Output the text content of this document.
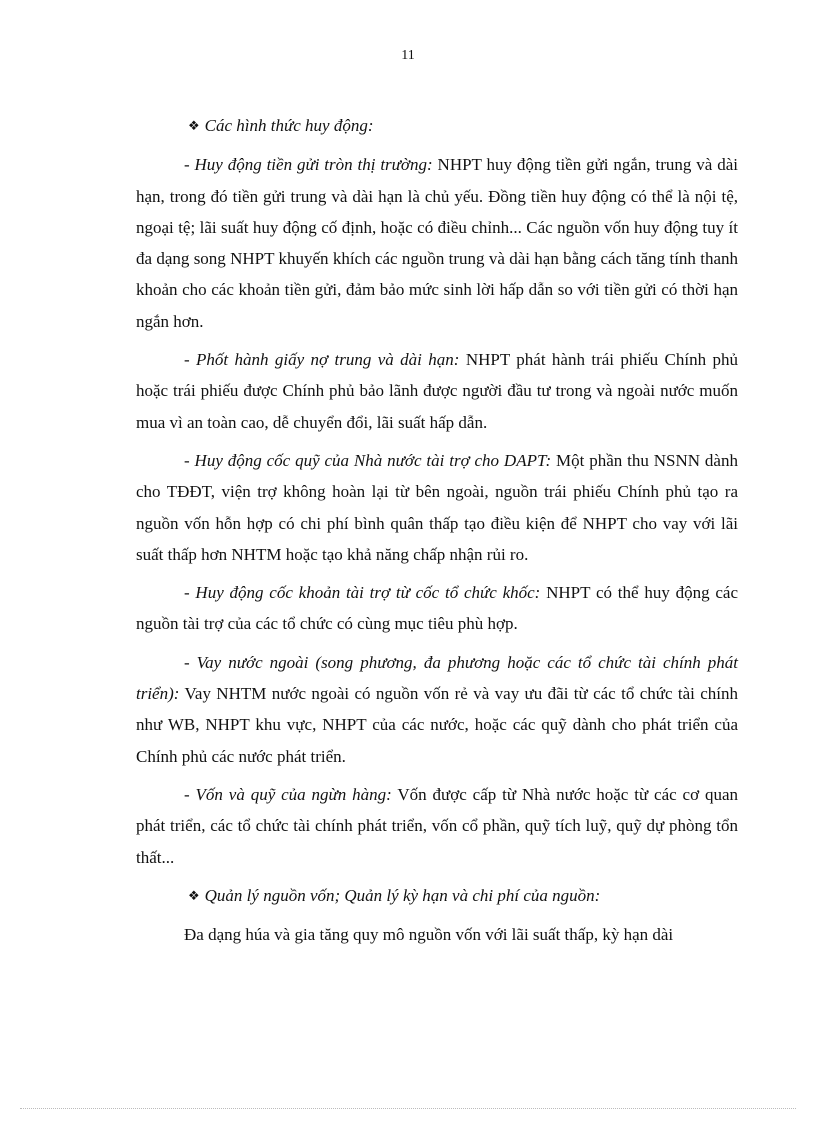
11

❖ Các hình thức huy động:

- Huy động tiền gửi tròn thị trường: NHPT huy động tiền gửi ngắn, trung và dài hạn, trong đó tiền gửi trung và dài hạn là chủ yếu. Đồng tiền huy động có thể là nội tệ, ngoại tệ; lãi suất huy động cố định, hoặc có điều chỉnh... Các nguồn vốn huy động tuy ít đa dạng song NHPT khuyến khích các nguồn trung và dài hạn bằng cách tăng tính thanh khoản cho các khoản tiền gửi, đảm bảo mức sinh lời hấp dẫn so với tiền gửi có thời hạn ngắn hơn.

- Phốt hành giấy nợ trung và dài hạn: NHPT phát hành trái phiếu Chính phủ hoặc trái phiếu được Chính phủ bảo lãnh được người đầu tư trong và ngoài nước muốn mua vì an toàn cao, dễ chuyển đổi, lãi suất hấp dẫn.

- Huy động cốc quỹ của Nhà nước tài trợ cho DAPT: Một phần thu NSNN dành cho TĐĐT, viện trợ không hoàn lại từ bên ngoài, nguồn trái phiếu Chính phủ tạo ra nguồn vốn hỗn hợp có chi phí bình quân thấp tạo điều kiện để NHPT cho vay với lãi suất thấp hơn NHTM hoặc tạo khả năng chấp nhận rủi ro.

- Huy động cốc khoản tài trợ từ cốc tổ chức khốc: NHPT có thể huy động các nguồn tài trợ của các tổ chức có cùng mục tiêu phù hợp.

- Vay nước ngoài (song phương, đa phương hoặc các tổ chức tài chính phát triển): Vay NHTM nước ngoài có nguồn vốn rẻ và vay ưu đãi từ các tổ chức tài chính như WB, NHPT khu vực, NHPT của các nước, hoặc các quỹ dành cho phát triển của Chính phủ các nước phát triển.

- Vốn và quỹ của ngừn hàng: Vốn được cấp từ Nhà nước hoặc từ các cơ quan phát triển, các tổ chức tài chính phát triển, vốn cổ phần, quỹ tích luỹ, quỹ dự phòng tổn thất...

❖ Quản lý nguồn vốn; Quản lý kỳ hạn và chi phí của nguồn:

Đa dạng húa và gia tăng quy mô nguồn vốn với lãi suất thấp, kỳ hạn dài
